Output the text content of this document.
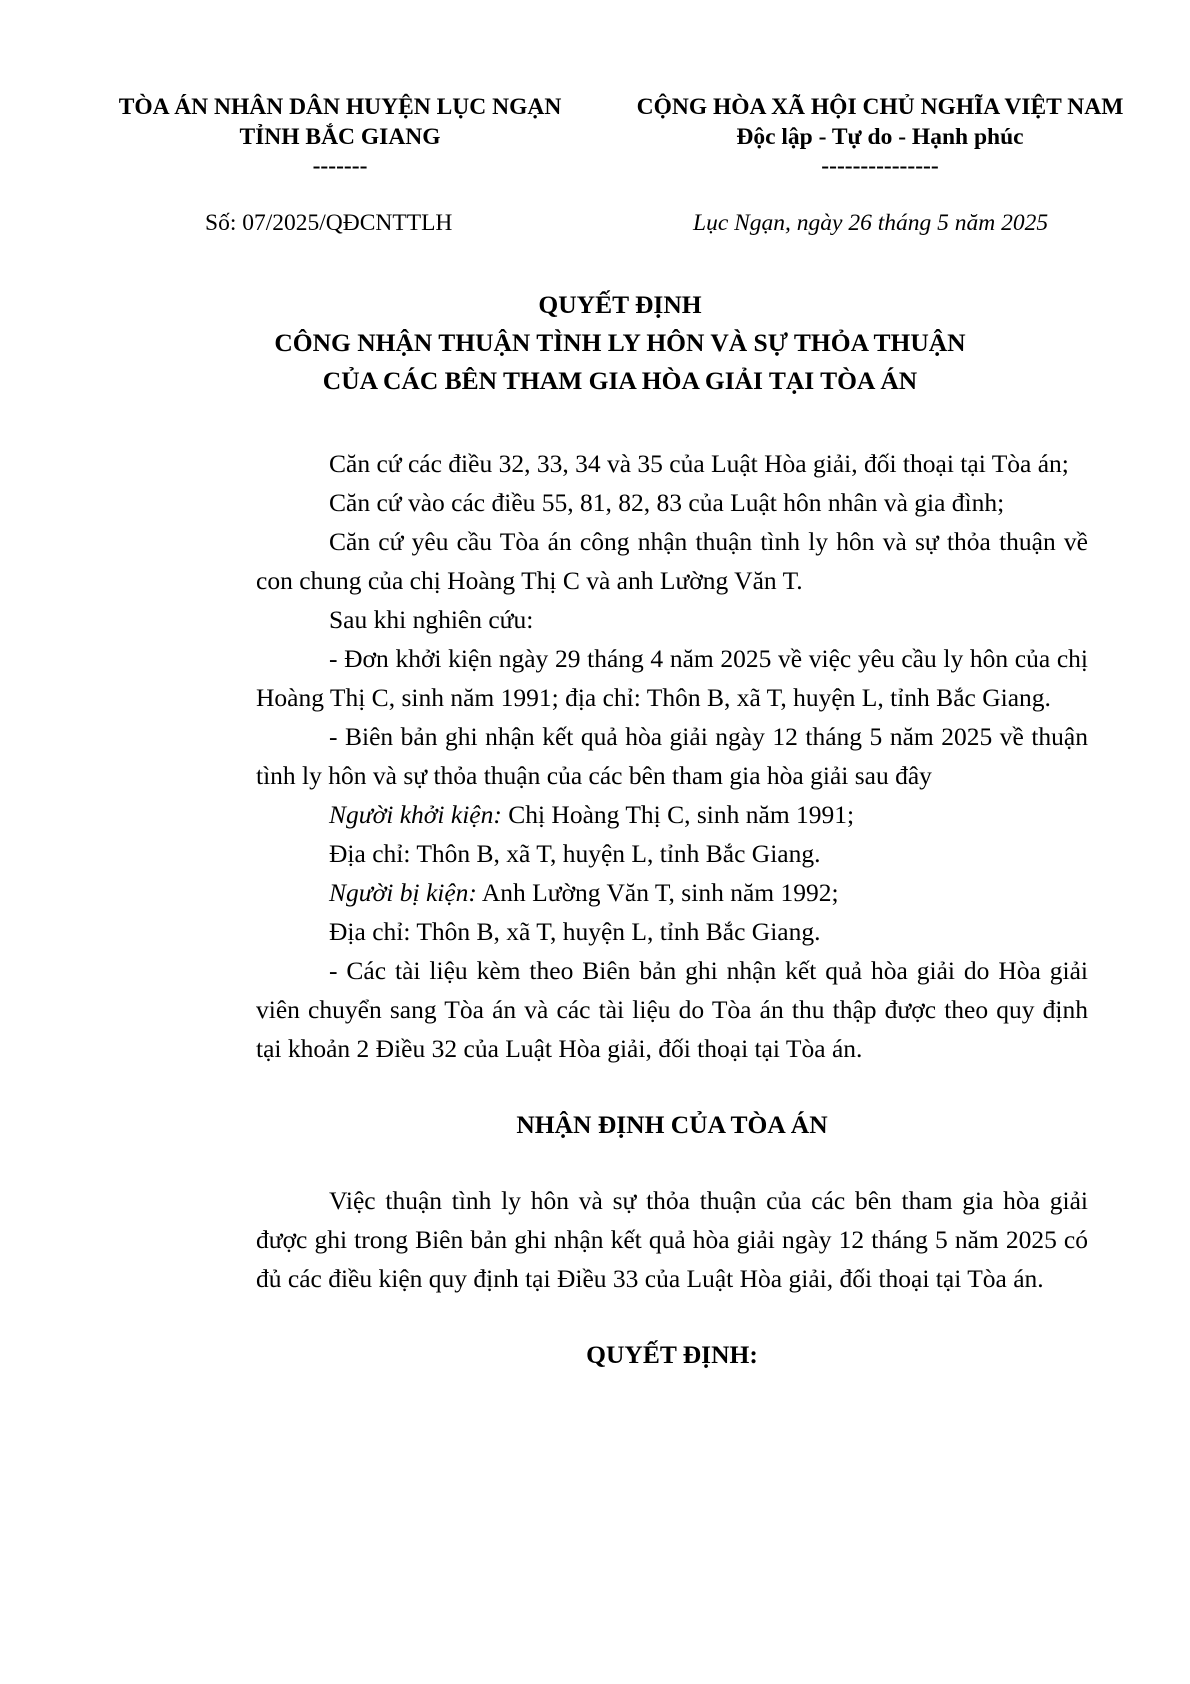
TÒA ÁN NHÂN DÂN HUYỆN LỤC NGẠN
TỈNH BẮC GIANG
-------
CỘNG HÒA XÃ HỘI CHỦ NGHĨA VIỆT NAM
Độc lập - Tự do - Hạnh phúc
---------------
Số: 07/2025/QĐCNTTLH	Lục Ngạn, ngày 26 tháng 5 năm 2025
QUYẾT ĐỊNH
CÔNG NHẬN THUẬN TÌNH LY HÔN VÀ SỰ THỎA THUẬN
CỦA CÁC BÊN THAM GIA HÒA GIẢI TẠI TÒA ÁN

Căn cứ các điều 32, 33, 34 và 35 của Luật Hòa giải, đối thoại tại Tòa án;

Căn cứ vào các điều 55, 81, 82, 83 của Luật hôn nhân và gia đình;

Căn cứ yêu cầu Tòa án công nhận thuận tình ly hôn và sự thỏa thuận về con chung của chị Hoàng Thị C và anh Lường Văn T.

Sau khi nghiên cứu:

- Đơn khởi kiện ngày 29 tháng 4 năm 2025 về việc yêu cầu ly hôn của chị Hoàng Thị C, sinh năm 1991; địa chỉ: Thôn B, xã T, huyện L, tỉnh Bắc Giang.

- Biên bản ghi nhận kết quả hòa giải ngày 12 tháng 5 năm 2025 về thuận tình ly hôn và sự thỏa thuận của các bên tham gia hòa giải sau đây

Người khởi kiện: Chị Hoàng Thị C, sinh năm 1991;

Địa chỉ: Thôn B, xã T, huyện L, tỉnh Bắc Giang.

Người bị kiện: Anh Lường Văn T, sinh năm 1992;

Địa chỉ: Thôn B, xã T, huyện L, tỉnh Bắc Giang.

- Các tài liệu kèm theo Biên bản ghi nhận kết quả hòa giải do Hòa giải viên chuyển sang Tòa án và các tài liệu do Tòa án thu thập được theo quy định tại khoản 2 Điều 32 của Luật Hòa giải, đối thoại tại Tòa án.

NHẬN ĐỊNH CỦA TÒA ÁN

Việc thuận tình ly hôn và sự thỏa thuận của các bên tham gia hòa giải được ghi trong Biên bản ghi nhận kết quả hòa giải ngày 12 tháng 5 năm 2025 có đủ các điều kiện quy định tại Điều 33 của Luật Hòa giải, đối thoại tại Tòa án.

QUYẾT ĐỊNH:
